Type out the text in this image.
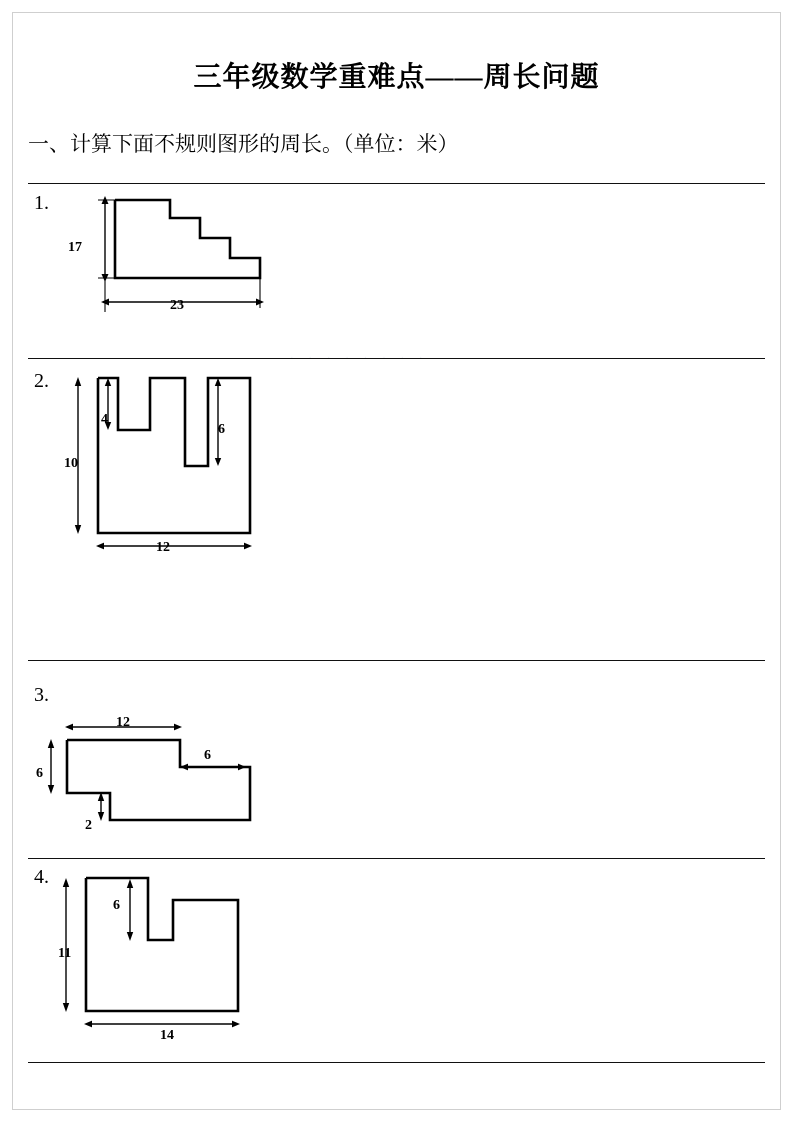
三年级数学重难点——周长问题
一、计算下面不规则图形的周长。（单位：米）
· · · · · · · ·
1.
17
23
2.
4
6
10
12
3.
12
6
6
2
4.
6
11
14
